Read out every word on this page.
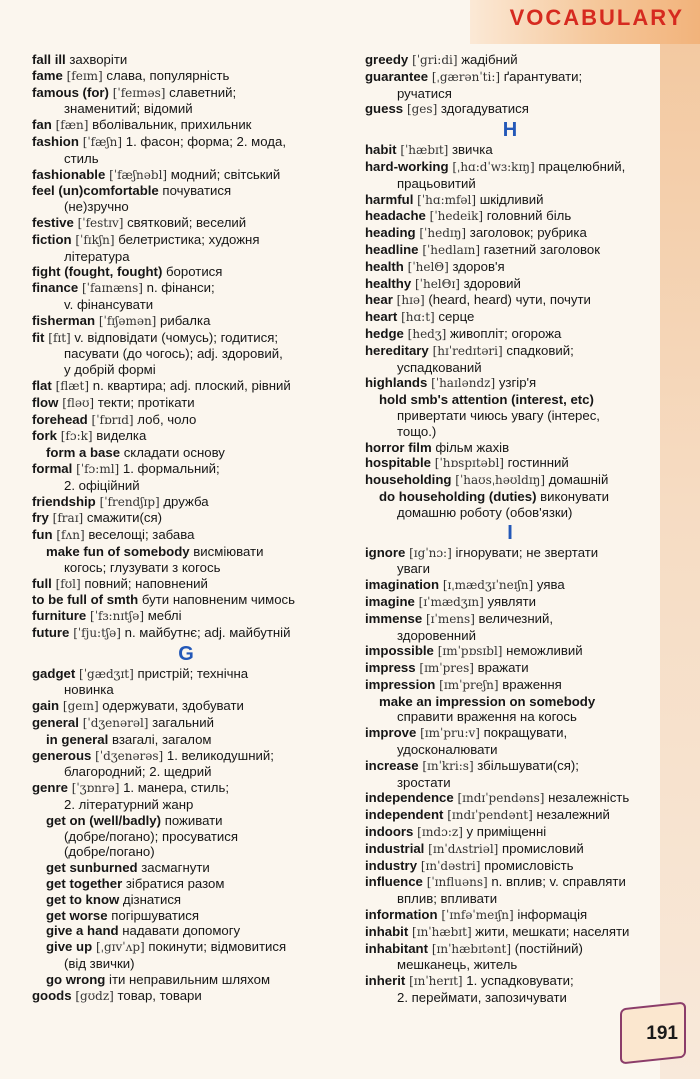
VOCABULARY
fall ill захворіти
fame [feɪm] слава, популярність
famous (for) [ˈfeɪməs] славетний;
знаменитий; відомий
fan [fæn] вболівальник, прихильник
fashion [ˈfæʃn] 1. фасон; форма; 2. мода,
стиль
fashionable [ˈfæʃnəbl] модний; світський
feel (un)comfortable почуватися
(не)зручно
festive [ˈfestɪv] святковий; веселий
fiction [ˈfɪkʃn] белетристика; художня
література
fight (fought, fought) боротися
finance [ˈfaɪnæns] n. фінанси;
v. фінансувати
fisherman [ˈfɪʃəmən] рибалка
fit [fɪt] v. відповідати (чомусь); годитися;
пасувати (до чогось); adj. здоровий,
у добрій формі
flat [flæt] n. квартира; adj. плоский, рівний
flow [fləʊ] текти; протікати
forehead [ˈfɒrɪd] лоб, чоло
fork [fɔ:k] виделка
form a base складати основу
formal [ˈfɔ:ml] 1. формальний;
2. офіційний
friendship [ˈfrendʃɪp] дружба
fry [fraɪ] смажити(ся)
fun [fʌn] веселощі; забава
make fun of somebody висміювати
когось; глузувати з когось
full [fʊl] повний; наповнений
to be full of smth бути наповненим чимось
furniture [ˈfɜ:nɪtʃə] меблі
future [ˈfju:tʃə] n. майбутнє; adj. майбутній
G
gadget [ˈgædʒɪt] пристрій; технічна
новинка
gain [geɪn] одержувати, здобувати
general [ˈdʒenərəl] загальний
in general взагалі, загалом
generous [ˈdʒenərəs] 1. великодушний;
благородний; 2. щедрий
genre [ˈʒɒnrə] 1. манера, стиль;
2. літературний жанр
get on (well/badly) поживати
(добре/погано); просуватися
(добре/погано)
get sunburned засмагнути
get together зібратися разом
get to know дізнатися
get worse погіршуватися
give a hand надавати допомогу
give up [ˌgɪvˈʌp] покинути; відмовитися
(від звички)
go wrong іти неправильним шляхом
goods [gʊdz] товар, товари
greedy [ˈgri:di] жадібний
guarantee [ˌgærənˈti:] ґарантувати;
ручатися
guess [ges] здогадуватися
H
habit [ˈhæbɪt] звичка
hard-working [ˌhɑ:dˈwɜ:kɪŋ] працелюбний,
працьовитий
harmful [ˈhɑ:mfəl] шкідливий
headache [ˈhedeik] головний біль
heading [ˈhedɪŋ] заголовок; рубрика
headline [ˈhedlaɪn] газетний заголовок
health [ˈhelΘ] здоров'я
healthy [ˈhelΘɪ] здоровий
hear [hɪə] (heard, heard) чути, почути
heart [hɑ:t] серце
hedge [hedʒ] живопліт; огорожа
hereditary [hɪˈredɪtəri] спадковий;
успадкований
highlands [ˈhaɪləndz] узгір'я
hold smb's attention (interest, etc)
привертати чиюсь увагу (інтерес,
тощо.)
horror film фільм жахів
hospitable [ˈhɒspɪtəbl] гостинний
householding [ˈhaʊsˌhəʊldɪŋ] домашній
do householding (duties) виконувати
домашню роботу (обов'язки)
I
ignore [ɪgˈnɔ:] ігнорувати; не звертати
уваги
imagination [ɪˌmædʒɪˈneɪʃn] уява
imagine [ɪˈmædʒɪn] уявляти
immense [ɪˈmens] величезний,
здоровенний
impossible [ɪmˈpɒsɪbl] неможливий
impress [ɪmˈpres] вражати
impression [ɪmˈpreʃn] враження
make an impression on somebody
справити враження на когось
improve [ɪmˈpru:v] покращувати,
удосконалювати
increase [ɪnˈkri:s] збільшувати(ся);
зростати
independence [ɪndɪˈpendəns] незалежність
independent [ɪndɪˈpendənt] незалежний
indoors [ɪndɔ:z] у приміщенні
industrial [ɪnˈdʌstriəl] промисловий
industry [ɪnˈdəstri] промисловість
influence [ˈɪnfluəns] n. вплив; v. справляти
вплив; впливати
information [ˈɪnfəˈmeɪʃn] інформація
inhabit [ɪnˈhæbɪt] жити, мешкати; населяти
inhabitant [ɪnˈhæbɪtənt] (постійний)
мешканець, житель
inherit [ɪnˈherɪt] 1. успадковувати;
2. переймати, запозичувати
191
